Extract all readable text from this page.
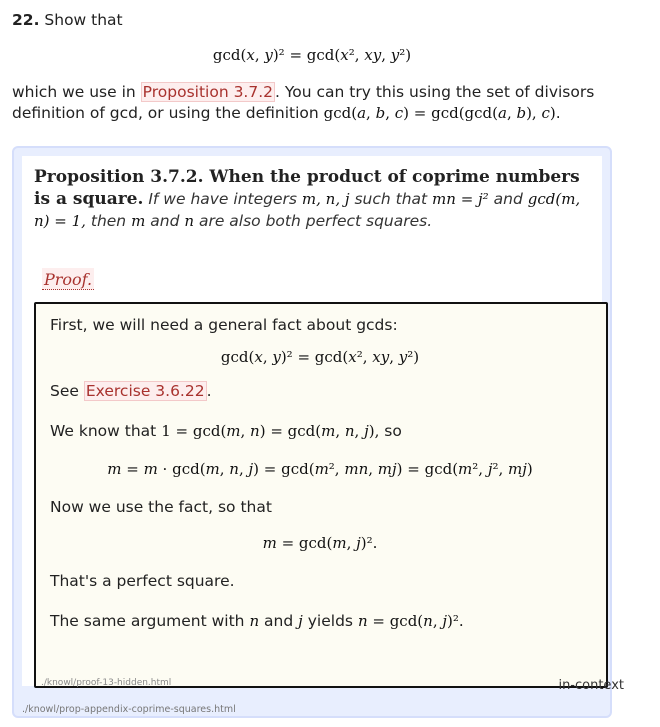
22. Show that
gcd(𝑥, 𝑦)² = gcd(𝑥², 𝑥𝑦, 𝑦²)
which we use in Proposition 3.7.2 . You can try this using the set of divisors definition of gcd, or using the definition gcd(𝑎, 𝑏, 𝑐) = gcd(gcd(𝑎, 𝑏), 𝑐).
Proposition 3.7.2. When the product of coprime numbers is a square. If we have integers 𝑚, 𝑛, 𝑗 such that 𝑚𝑛 = 𝑗² and gcd(𝑚, 𝑛) = 1, then 𝑚 and 𝑛 are also both perfect squares.
Proof.
First, we will need a general fact about gcds:
gcd(𝑥, 𝑦)² = gcd(𝑥², 𝑥𝑦, 𝑦²)
See Exercise 3.6.22 .
We know that 1 = gcd(𝑚, 𝑛) = gcd(𝑚, 𝑛, 𝑗), so
𝑚 = 𝑚 · gcd(𝑚, 𝑛, 𝑗) = gcd(𝑚², 𝑚𝑛, 𝑚𝑗) = gcd(𝑚², 𝑗², 𝑚𝑗)
Now we use the fact, so that
𝑚 = gcd(𝑚, 𝑗)².
That's a perfect square.
The same argument with 𝑛 and 𝑗 yields 𝑛 = gcd(𝑛, 𝑗)².
./knowl/proof-13-hidden.html	in-context
./knowl/prop-appendix-coprime-squares.html
